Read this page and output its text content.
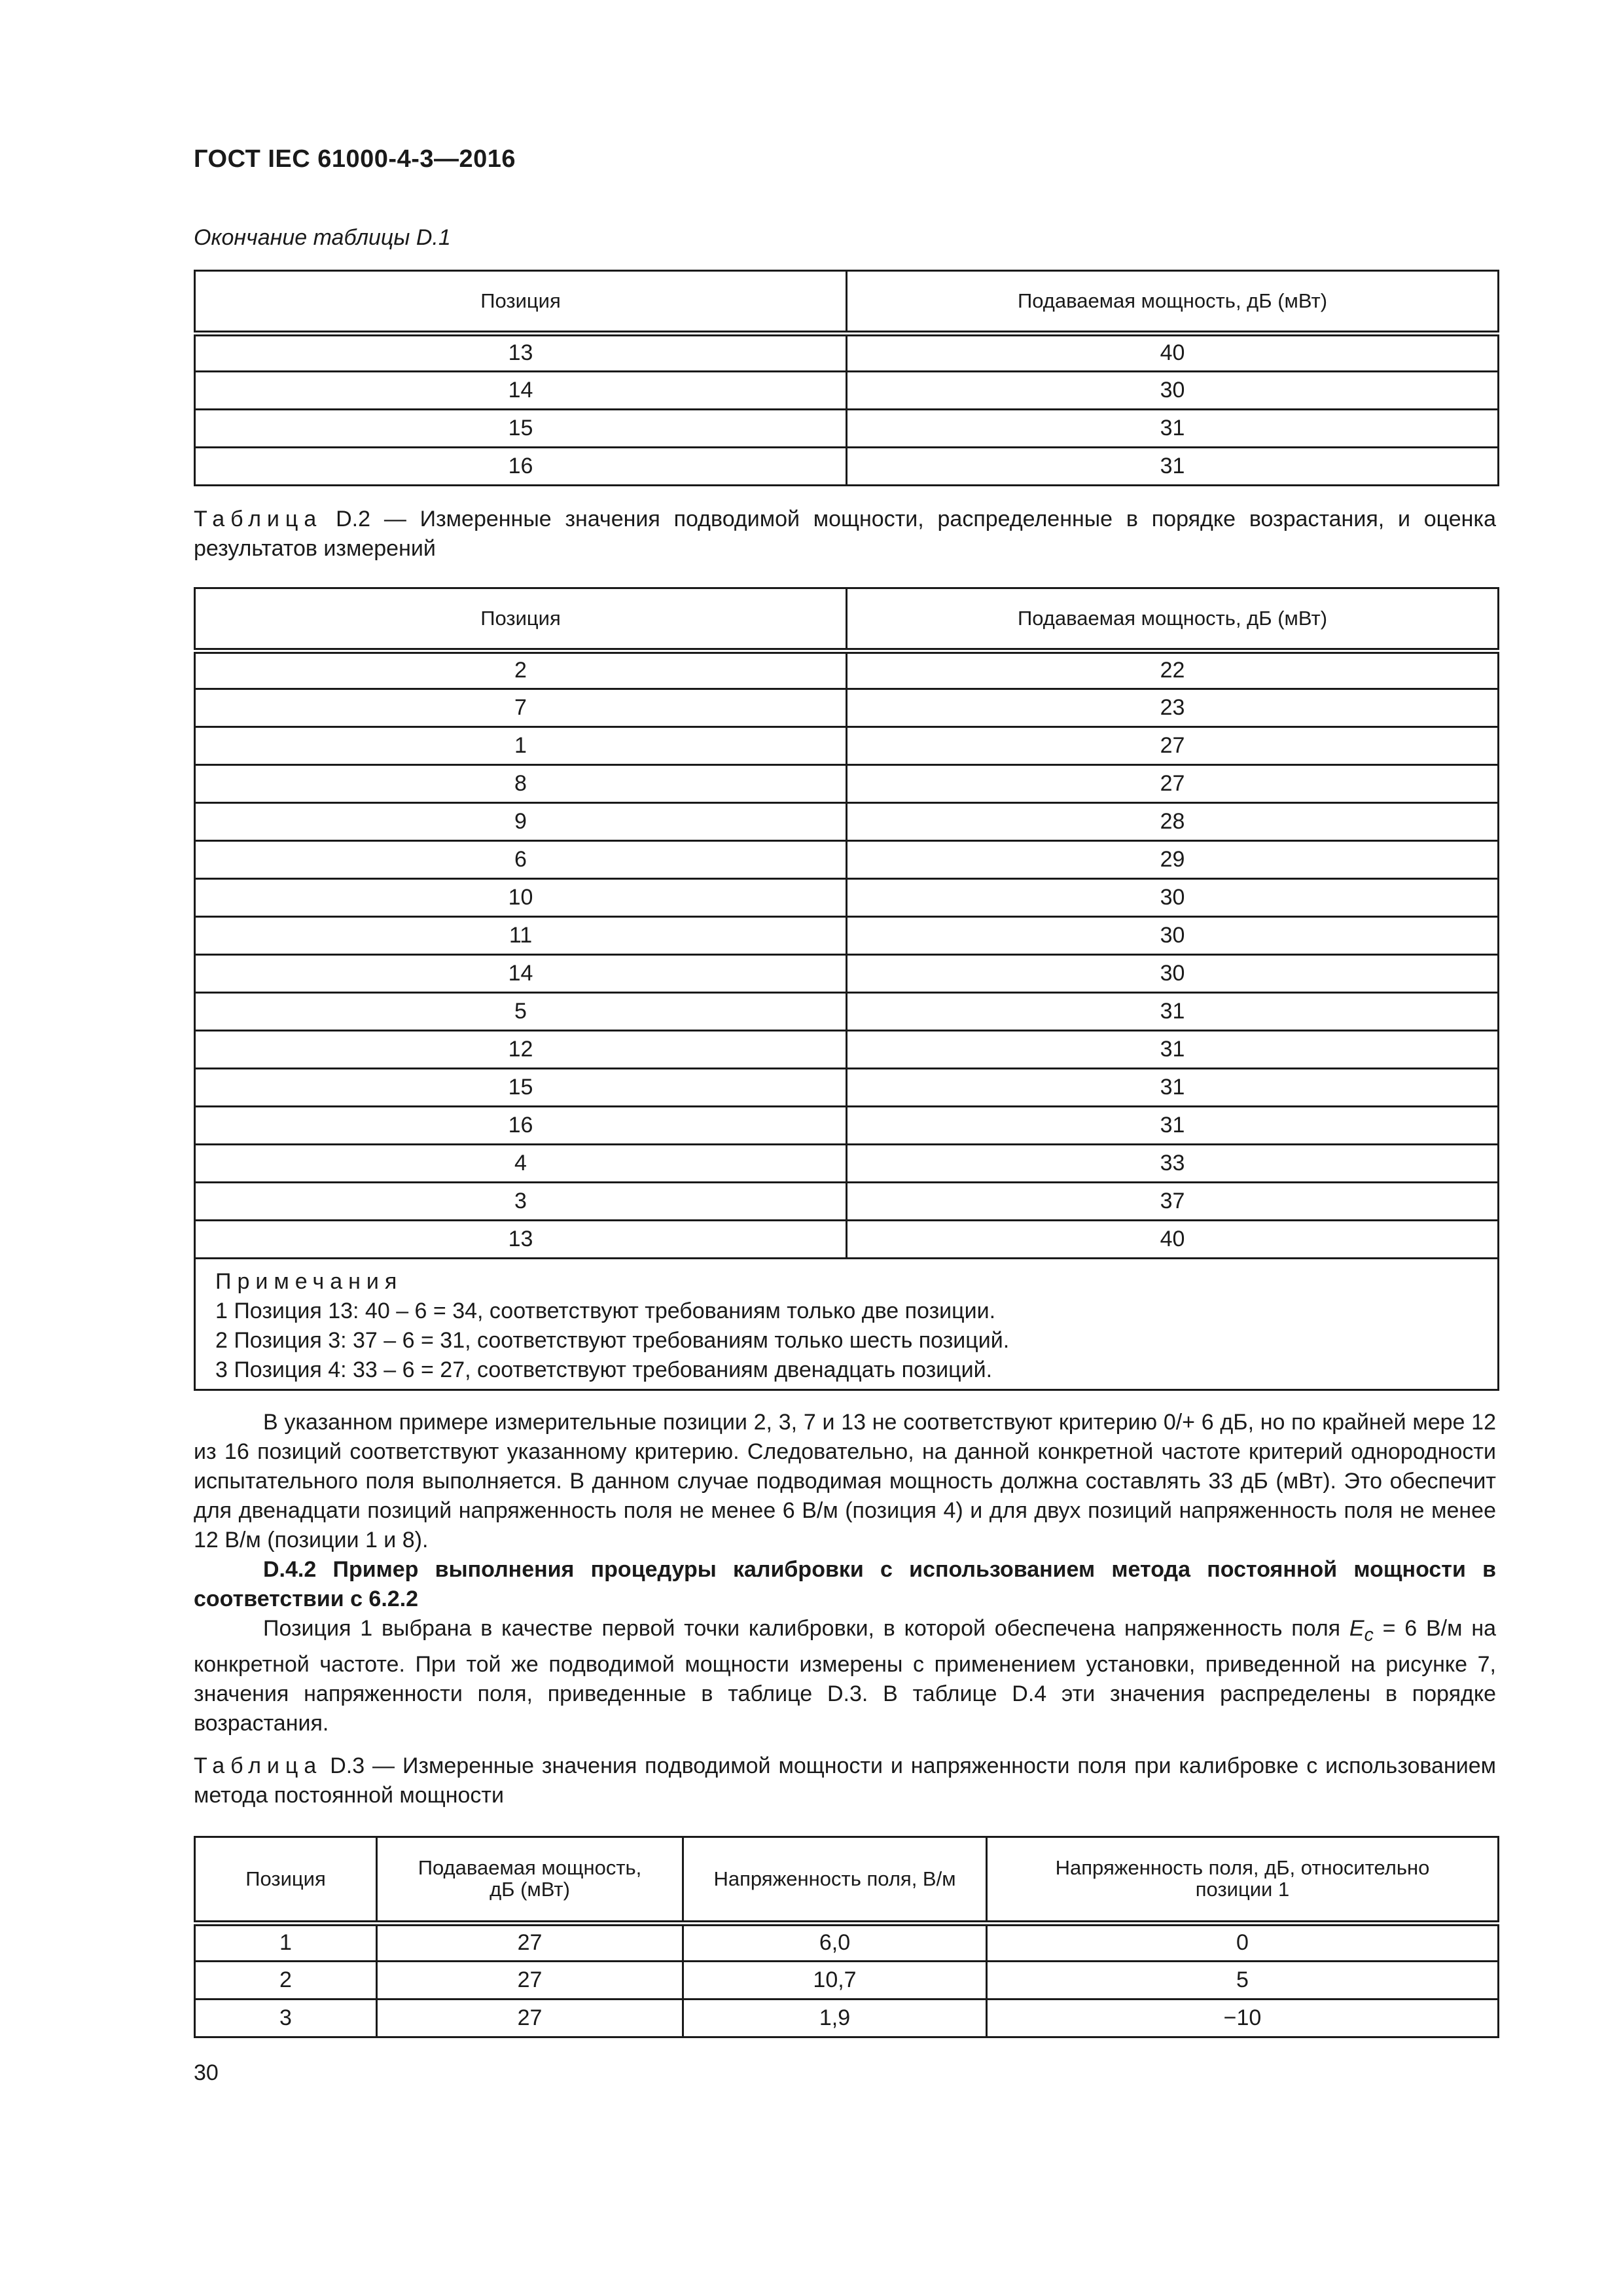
ГОСТ IEC 61000-4-3—2016
Окончание таблицы D.1
Позиция	Подаваемая мощность, дБ (мВт)
13	40
14	30
15	31
16	31
Таблица D.2 — Измеренные значения подводимой мощности, распределенные в порядке возрастания, и оценка результатов измерений
Позиция	Подаваемая мощность, дБ (мВт)
2	22
7	23
1	27
8	27
9	28
6	29
10	30
11	30
14	30
5	31
12	31
15	31
16	31
4	33
3	37
13	40

Примечания
1 Позиция 13: 40 – 6 = 34, соответствуют требованиям только две позиции.
2 Позиция 3: 37 – 6 = 31, соответствуют требованиям только шесть позиций.
3 Позиция 4: 33 – 6 = 27, соответствуют требованиям двенадцать позиций.	

В указанном примере измерительные позиции 2, 3, 7 и 13 не соответствуют критерию 0/+ 6 дБ, но по крайней мере 12 из 16 позиций соответствуют указанному критерию. Следовательно, на данной конкретной частоте критерий однородности испытательного поля выполняется. В данном случае подводимая мощность должна составлять 33 дБ (мВт). Это обеспечит для двенадцати позиций напряженность поля не менее 6 В/м (позиция 4) и для двух позиций напряженность поля не менее 12 В/м (позиции 1 и 8).

D.4.2 Пример выполнения процедуры калибровки с использованием метода постоянной мощности в соответствии с 6.2.2

Позиция 1 выбрана в качестве первой точки калибровки, в которой обеспечена напряженность поля $E_c = 6$ В/м на конкретной частоте. При той же подводимой мощности измерены с применением установки, приведенной на рисунке 7, значения напряженности поля, приведенные в таблице D.3. В таблице D.4 эти значения распределены в порядке возрастания.

Таблица D.3 — Измеренные значения подводимой мощности и напряженности поля при калибровке с использованием метода постоянной мощности
Позиция	Подаваемая мощность, дБ (мВт)	Напряженность поля, В/м	Напряженность поля, дБ, относительно позиции 1
1	27	6,0	0
2	27	10,7	5
3	27	1,9	−10
30
